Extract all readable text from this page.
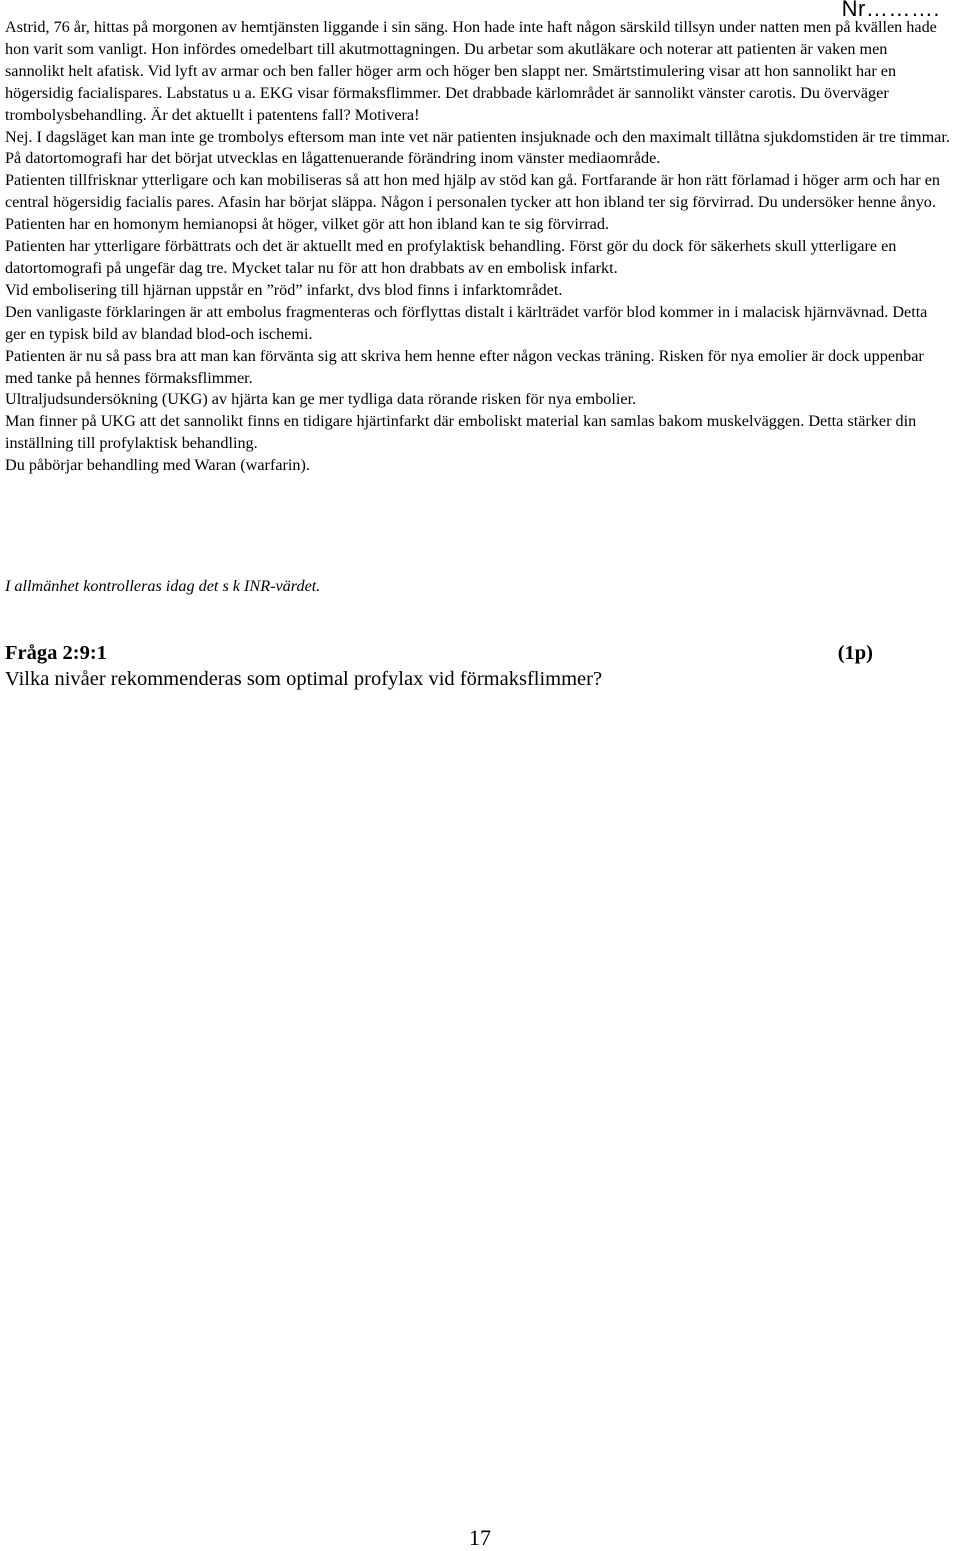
Nr……….

Astrid, 76 år, hittas på morgonen av hemtjänsten liggande i sin säng. Hon hade inte haft någon särskild tillsyn under natten men på kvällen hade hon varit som vanligt. Hon infördes omedelbart till akutmottagningen. Du arbetar som akutläkare och noterar att patienten är vaken men sannolikt helt afatisk. Vid lyft av armar och ben faller höger arm och höger ben slappt ner. Smärtstimulering visar att hon sannolikt har en högersidig facialispares. Labstatus u a. EKG visar förmaksflimmer. Det drabbade kärlområdet är sannolikt vänster carotis. Du överväger trombolysbehandling. Är det aktuellt i patentens fall? Motivera!

Nej. I dagsläget kan man inte ge trombolys eftersom man inte vet när patienten insjuknade och den maximalt tillåtna sjukdomstiden är tre timmar.

På datortomografi har det börjat utvecklas en lågattenuerande förändring inom vänster mediaområde.

Patienten tillfrisknar ytterligare och kan mobiliseras så att hon med hjälp av stöd kan gå. Fortfarande är hon rätt förlamad i höger arm och har en central högersidig facialis pares. Afasin har börjat släppa. Någon i personalen tycker att hon ibland ter sig förvirrad. Du undersöker henne ånyo.

Patienten har en homonym hemianopsi åt höger, vilket gör att hon ibland kan te sig förvirrad.

Patienten har ytterligare förbättrats och det är aktuellt med en profylaktisk behandling. Först gör du dock för säkerhets skull ytterligare en datortomografi på ungefär dag tre. Mycket talar nu för att hon drabbats av en embolisk infarkt.

Vid embolisering till hjärnan uppstår en ”röd” infarkt, dvs blod finns i infarktområdet.

Den vanligaste förklaringen är att embolus fragmenteras och förflyttas distalt i kärlträdet varför blod kommer in i malacisk hjärnvävnad. Detta ger en typisk bild av blandad blod-och ischemi.

Patienten är nu så pass bra att man kan förvänta sig att skriva hem henne efter någon veckas träning. Risken för nya emolier är dock uppenbar med tanke på hennes förmaksflimmer.

Ultraljudsundersökning (UKG) av hjärta kan ge mer tydliga data rörande risken för nya embolier.

Man finner på UKG att det sannolikt finns en tidigare hjärtinfarkt där emboliskt material kan samlas bakom muskelväggen. Detta stärker din inställning till profylaktisk behandling.

Du påbörjar behandling med Waran (warfarin).

I allmänhet kontrolleras idag det s k INR-värdet.
Fråga 2:9:1	(1p)
Vilka nivåer rekommenderas som optimal profylax vid förmaksflimmer?
17
